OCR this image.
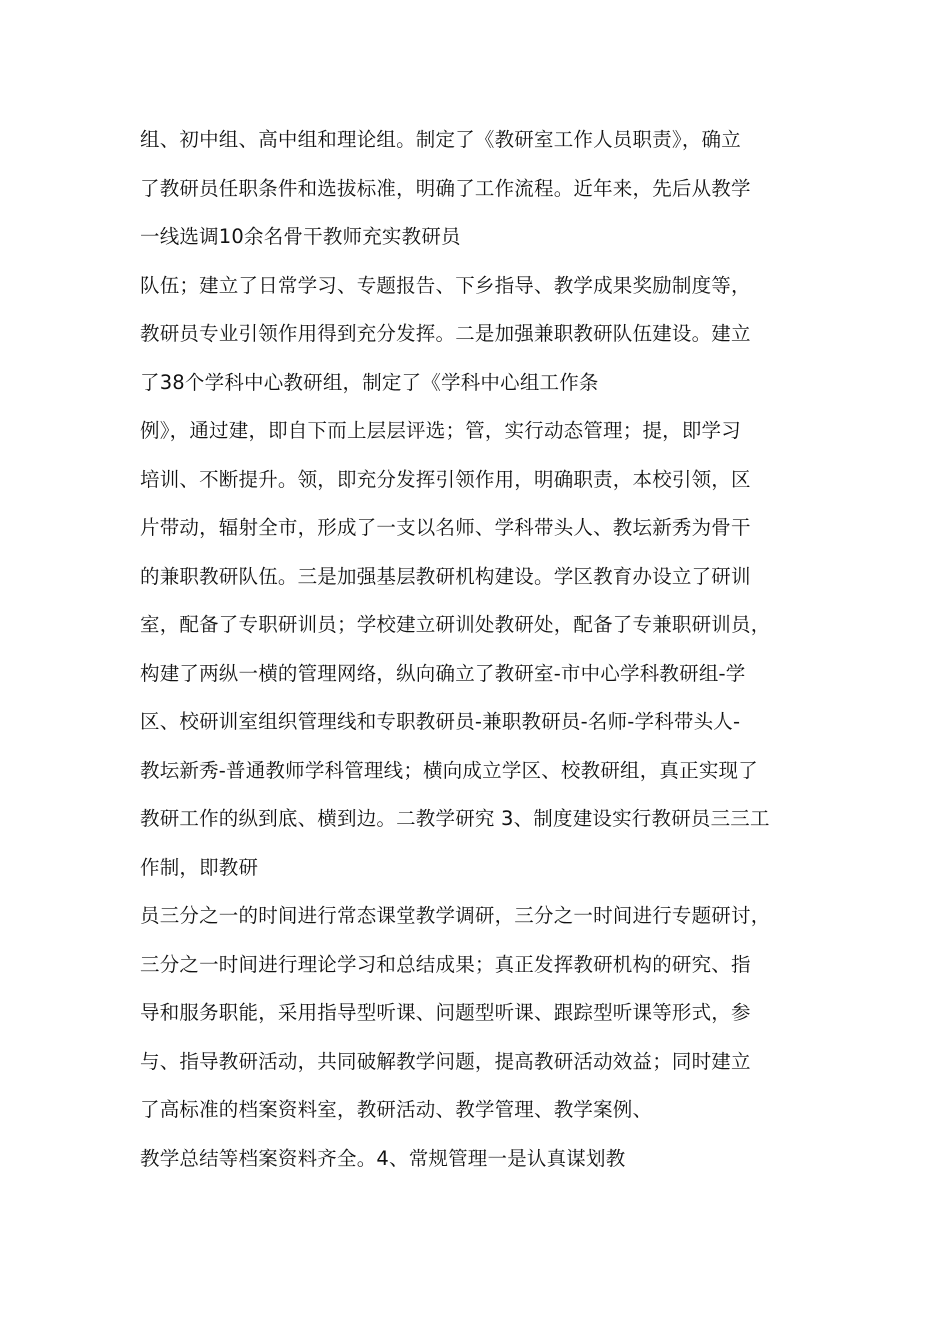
组、初中组、高中组和理论组。制定了《教研室工作人员职责》，确立
了教研员任职条件和选拔标准，明确了工作流程。近年来，先后从教学
一线选调10余名骨干教师充实教研员
队伍；建立了日常学习、专题报告、下乡指导、教学成果奖励制度等，
教研员专业引领作用得到充分发挥。二是加强兼职教研队伍建设。建立
了38个学科中心教研组，制定了《学科中心组工作条
例》，通过建，即自下而上层层评选；管，实行动态管理；提，即学习
培训、不断提升。领，即充分发挥引领作用，明确职责，本校引领，区
片带动，辐射全市，形成了一支以名师、学科带头人、教坛新秀为骨干
的兼职教研队伍。三是加强基层教研机构建设。学区教育办设立了研训
室，配备了专职研训员；学校建立研训处教研处，配备了专兼职研训员，
构建了两纵一横的管理网络，纵向确立了教研室-市中心学科教研组-学
区、校研训室组织管理线和专职教研员-兼职教研员-名师-学科带头人-
教坛新秀-普通教师学科管理线；横向成立学区、校教研组，真正实现了
教研工作的纵到底、横到边。二教学研究 3、制度建设实行教研员三三工
作制，即教研
员三分之一的时间进行常态课堂教学调研，三分之一时间进行专题研讨，
三分之一时间进行理论学习和总结成果；真正发挥教研机构的研究、指
导和服务职能，采用指导型听课、问题型听课、跟踪型听课等形式，参
与、指导教研活动，共同破解教学问题，提高教研活动效益；同时建立
了高标准的档案资料室，教研活动、教学管理、教学案例、
教学总结等档案资料齐全。4、常规管理一是认真谋划教
